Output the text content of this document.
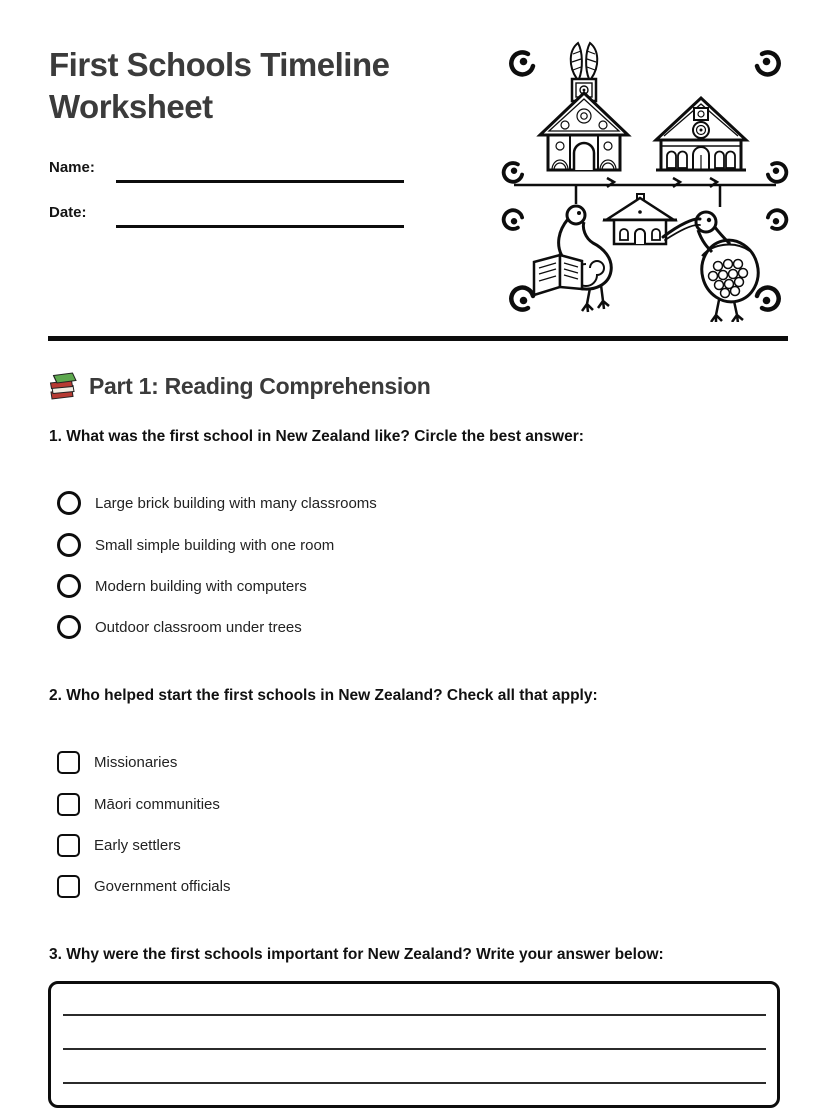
First Schools Timeline Worksheet
Name:
Date:
Part 1: Reading Comprehension
1. What was the first school in New Zealand like? Circle the best answer:
Large brick building with many classrooms
Small simple building with one room
Modern building with computers
Outdoor classroom under trees
2. Who helped start the first schools in New Zealand? Check all that apply:
Missionaries
Māori communities
Early settlers
Government officials
3. Why were the first schools important for New Zealand? Write your answer below:
